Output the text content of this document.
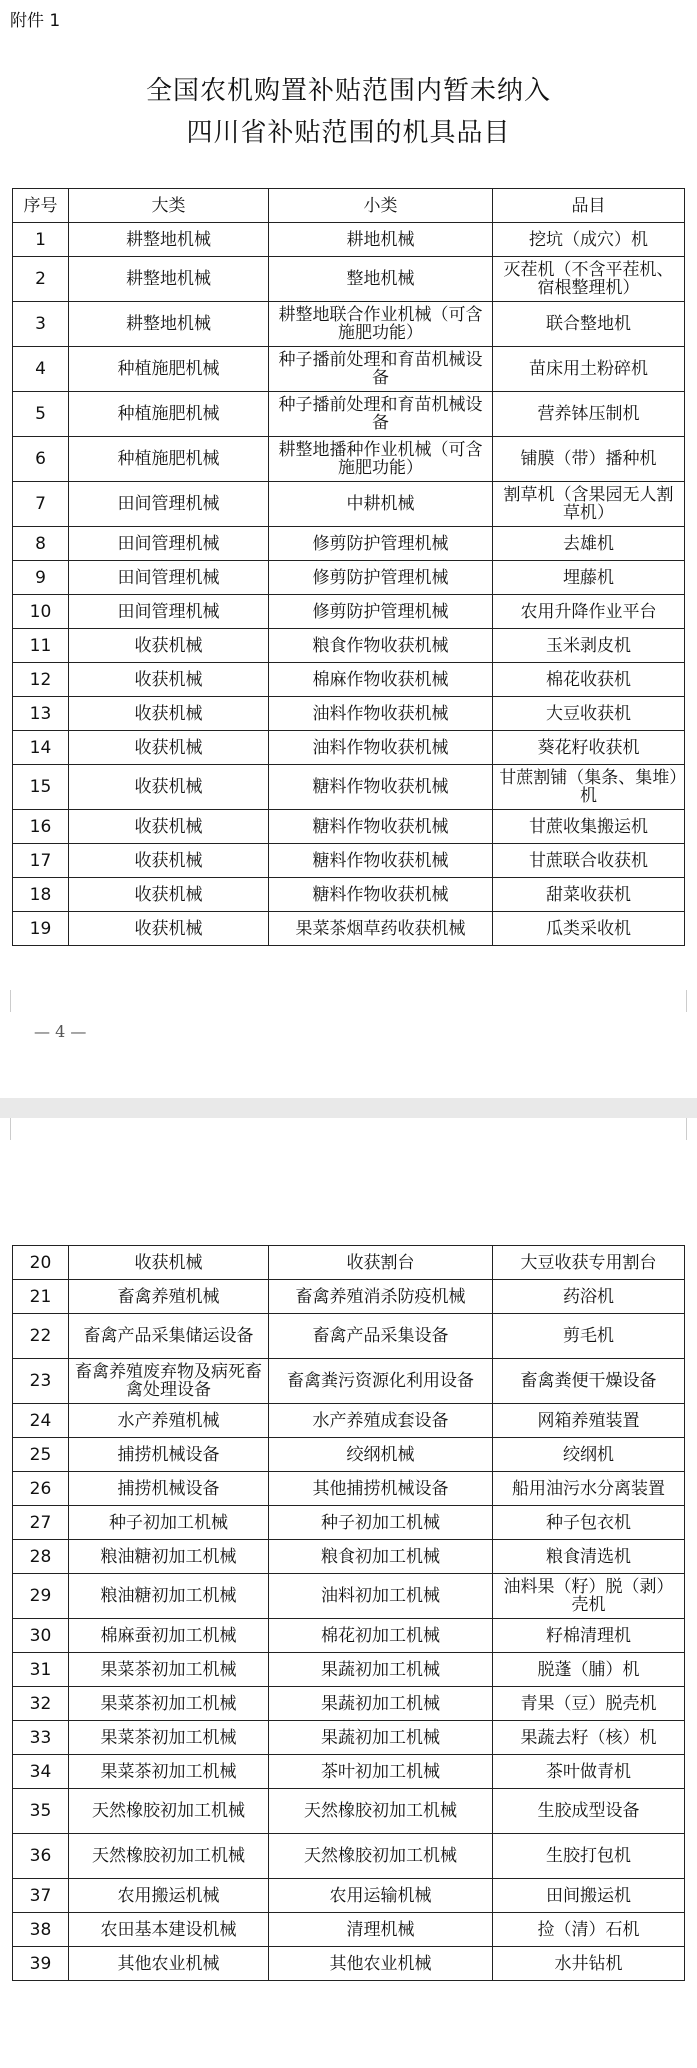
附件 1
全国农机购置补贴范围内暂未纳入
四川省补贴范围的机具品目
序号	大类	小类	品目
1	耕整地机械	耕地机械	挖坑（成穴）机
2	耕整地机械	整地机械	灭茬机（不含平茬机、宿根整理机）
3	耕整地机械	耕整地联合作业机械（可含施肥功能）	联合整地机
4	种植施肥机械	种子播前处理和育苗机械设备	苗床用土粉碎机
5	种植施肥机械	种子播前处理和育苗机械设备	营养钵压制机
6	种植施肥机械	耕整地播种作业机械（可含施肥功能）	铺膜（带）播种机
7	田间管理机械	中耕机械	割草机（含果园无人割草机）
8	田间管理机械	修剪防护管理机械	去雄机
9	田间管理机械	修剪防护管理机械	埋藤机
10	田间管理机械	修剪防护管理机械	农用升降作业平台
11	收获机械	粮食作物收获机械	玉米剥皮机
12	收获机械	棉麻作物收获机械	棉花收获机
13	收获机械	油料作物收获机械	大豆收获机
14	收获机械	油料作物收获机械	葵花籽收获机
15	收获机械	糖料作物收获机械	甘蔗割铺（集条、集堆）机
16	收获机械	糖料作物收获机械	甘蔗收集搬运机
17	收获机械	糖料作物收获机械	甘蔗联合收获机
18	收获机械	糖料作物收获机械	甜菜收获机
19	收获机械	果菜茶烟草药收获机械	瓜类采收机
— 4 —
20	收获机械	收获割台	大豆收获专用割台
21	畜禽养殖机械	畜禽养殖消杀防疫机械	药浴机
22	畜禽产品采集储运设备	畜禽产品采集设备	剪毛机
23	畜禽养殖废弃物及病死畜禽处理设备	畜禽粪污资源化利用设备	畜禽粪便干燥设备
24	水产养殖机械	水产养殖成套设备	网箱养殖装置
25	捕捞机械设备	绞纲机械	绞纲机
26	捕捞机械设备	其他捕捞机械设备	船用油污水分离装置
27	种子初加工机械	种子初加工机械	种子包衣机
28	粮油糖初加工机械	粮食初加工机械	粮食清选机
29	粮油糖初加工机械	油料初加工机械	油料果（籽）脱（剥）壳机
30	棉麻蚕初加工机械	棉花初加工机械	籽棉清理机
31	果菜茶初加工机械	果蔬初加工机械	脱蓬（脯）机
32	果菜茶初加工机械	果蔬初加工机械	青果（豆）脱壳机
33	果菜茶初加工机械	果蔬初加工机械	果蔬去籽（核）机
34	果菜茶初加工机械	茶叶初加工机械	茶叶做青机
35	天然橡胶初加工机械	天然橡胶初加工机械	生胶成型设备
36	天然橡胶初加工机械	天然橡胶初加工机械	生胶打包机
37	农用搬运机械	农用运输机械	田间搬运机
38	农田基本建设机械	清理机械	捡（清）石机
39	其他农业机械	其他农业机械	水井钻机
